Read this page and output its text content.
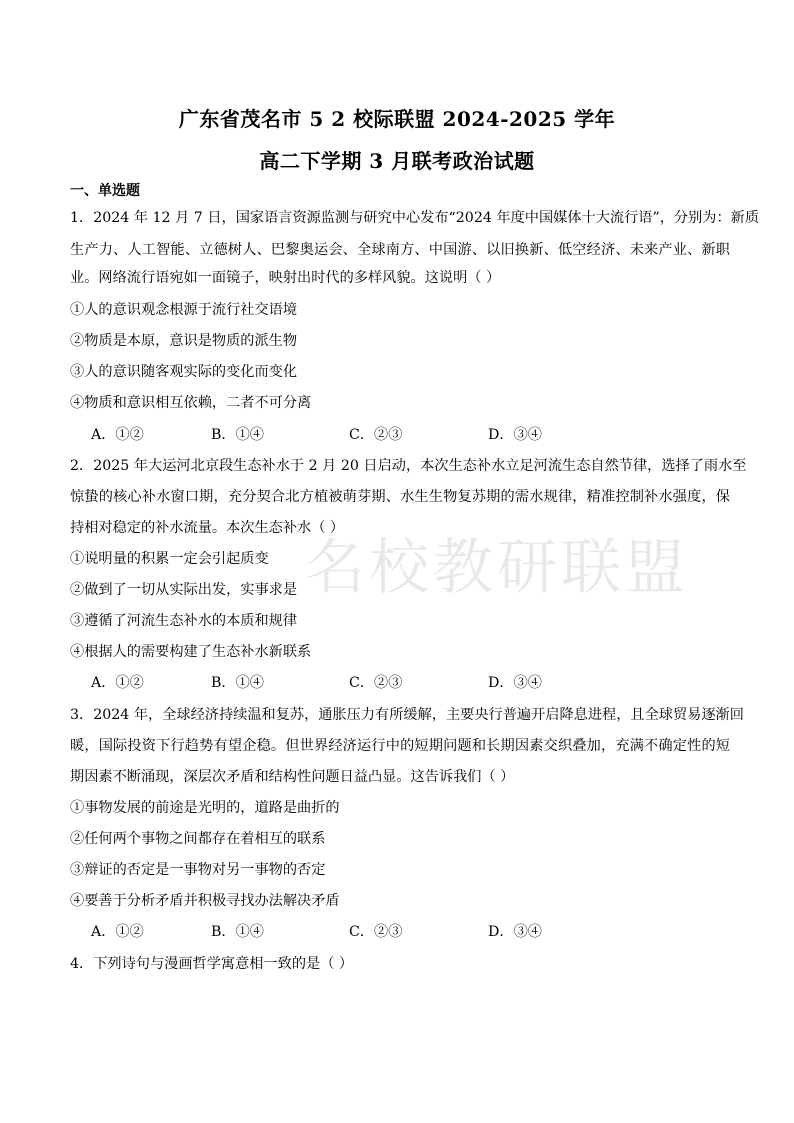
名校教研联盟
广东省茂名市 5 2 校际联盟 2024-2025 学年
高二下学期 3 月联考政治试题
一、单选题
1．2024 年 12 月 7 日，国家语言资源监测与研究中心发布“2024 年度中国媒体十大流行语”，分别为：新质
生产力、人工智能、立德树人、巴黎奥运会、全球南方、中国游、以旧换新、低空经济、未来产业、新职
业。网络流行语宛如一面镜子，映射出时代的多样风貌。这说明（ ）
①人的意识观念根源于流行社交语境
②物质是本原，意识是物质的派生物
③人的意识随客观实际的变化而变化
④物质和意识相互依赖，二者不可分离
A．①②	B．①④	C．②③	D．③④
2．2025 年大运河北京段生态补水于 2 月 20 日启动，本次生态补水立足河流生态自然节律，选择了雨水至
惊蛰的核心补水窗口期，充分契合北方植被萌芽期、水生生物复苏期的需水规律，精准控制补水强度，保
持相对稳定的补水流量。本次生态补水（ ）
①说明量的积累一定会引起质变
②做到了一切从实际出发，实事求是
③遵循了河流生态补水的本质和规律
④根据人的需要构建了生态补水新联系
A．①②	B．①④	C．②③	D．③④
3．2024 年，全球经济持续温和复苏，通胀压力有所缓解，主要央行普遍开启降息进程，且全球贸易逐渐回
暖，国际投资下行趋势有望企稳。但世界经济运行中的短期问题和长期因素交织叠加，充满不确定性的短
期因素不断涌现，深层次矛盾和结构性问题日益凸显。这告诉我们（ ）
①事物发展的前途是光明的，道路是曲折的
②任何两个事物之间都存在着相互的联系
③辩证的否定是一事物对另一事物的否定
④要善于分析矛盾并积极寻找办法解决矛盾
A．①②	B．①④	C．②③	D．③④
4．下列诗句与漫画哲学寓意相一致的是（ ）
